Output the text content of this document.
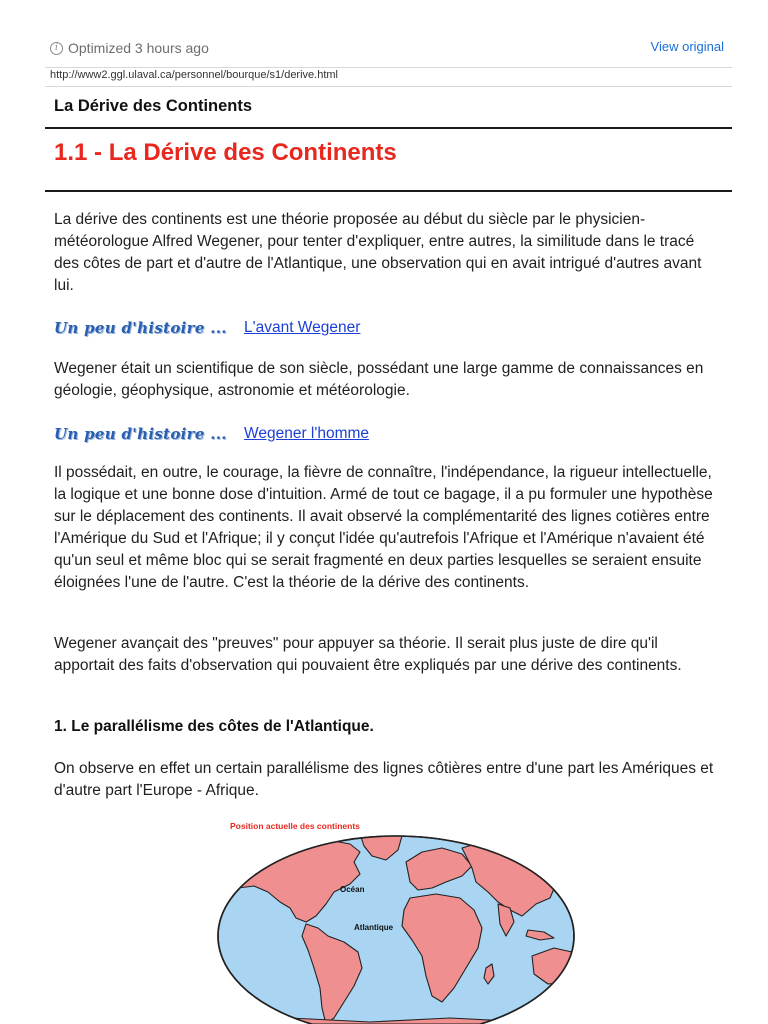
i Optimized 3 hours ago	View original
http://www2.ggl.ulaval.ca/personnel/bourque/s1/derive.html
La Dérive des Continents
1.1 - La Dérive des Continents

La dérive des continents est une théorie proposée au début du siècle par le physicien-météorologue Alfred Wegener, pour tenter d'expliquer, entre autres, la similitude dans le tracé des côtes de part et d'autre de l'Atlantique, une observation qui en avait intrigué d'autres avant lui.

Un peu d'histoire ...	L'avant Wegener

Wegener était un scientifique de son siècle, possédant une large gamme de connaissances en géologie, géophysique, astronomie et météorologie.

Un peu d'histoire ...	Wegener l'homme

Il possédait, en outre, le courage, la fièvre de connaître, l'indépendance, la rigueur intellectuelle, la logique et une bonne dose d'intuition. Armé de tout ce bagage, il a pu formuler une hypothèse sur le déplacement des continents. Il avait observé la complémentarité des lignes cotières entre l'Amérique du Sud et l'Afrique; il y conçut l'idée qu'autrefois l'Afrique et l'Amérique n'avaient été qu'un seul et même bloc qui se serait fragmenté en deux parties lesquelles se seraient ensuite éloignées l'une de l'autre. C'est la théorie de la dérive des continents.

Wegener avançait des "preuves" pour appuyer sa théorie. Il serait plus juste de dire qu'il apportait des faits d'observation qui pouvaient être expliqués par une dérive des continents.

1. Le parallélisme des côtes de l'Atlantique.

On observe en effet un certain parallélisme des lignes côtières entre d'une part les Amériques et d'autre part l'Europe - Afrique.

Position actuelle des continents
Océan
Atlantique
